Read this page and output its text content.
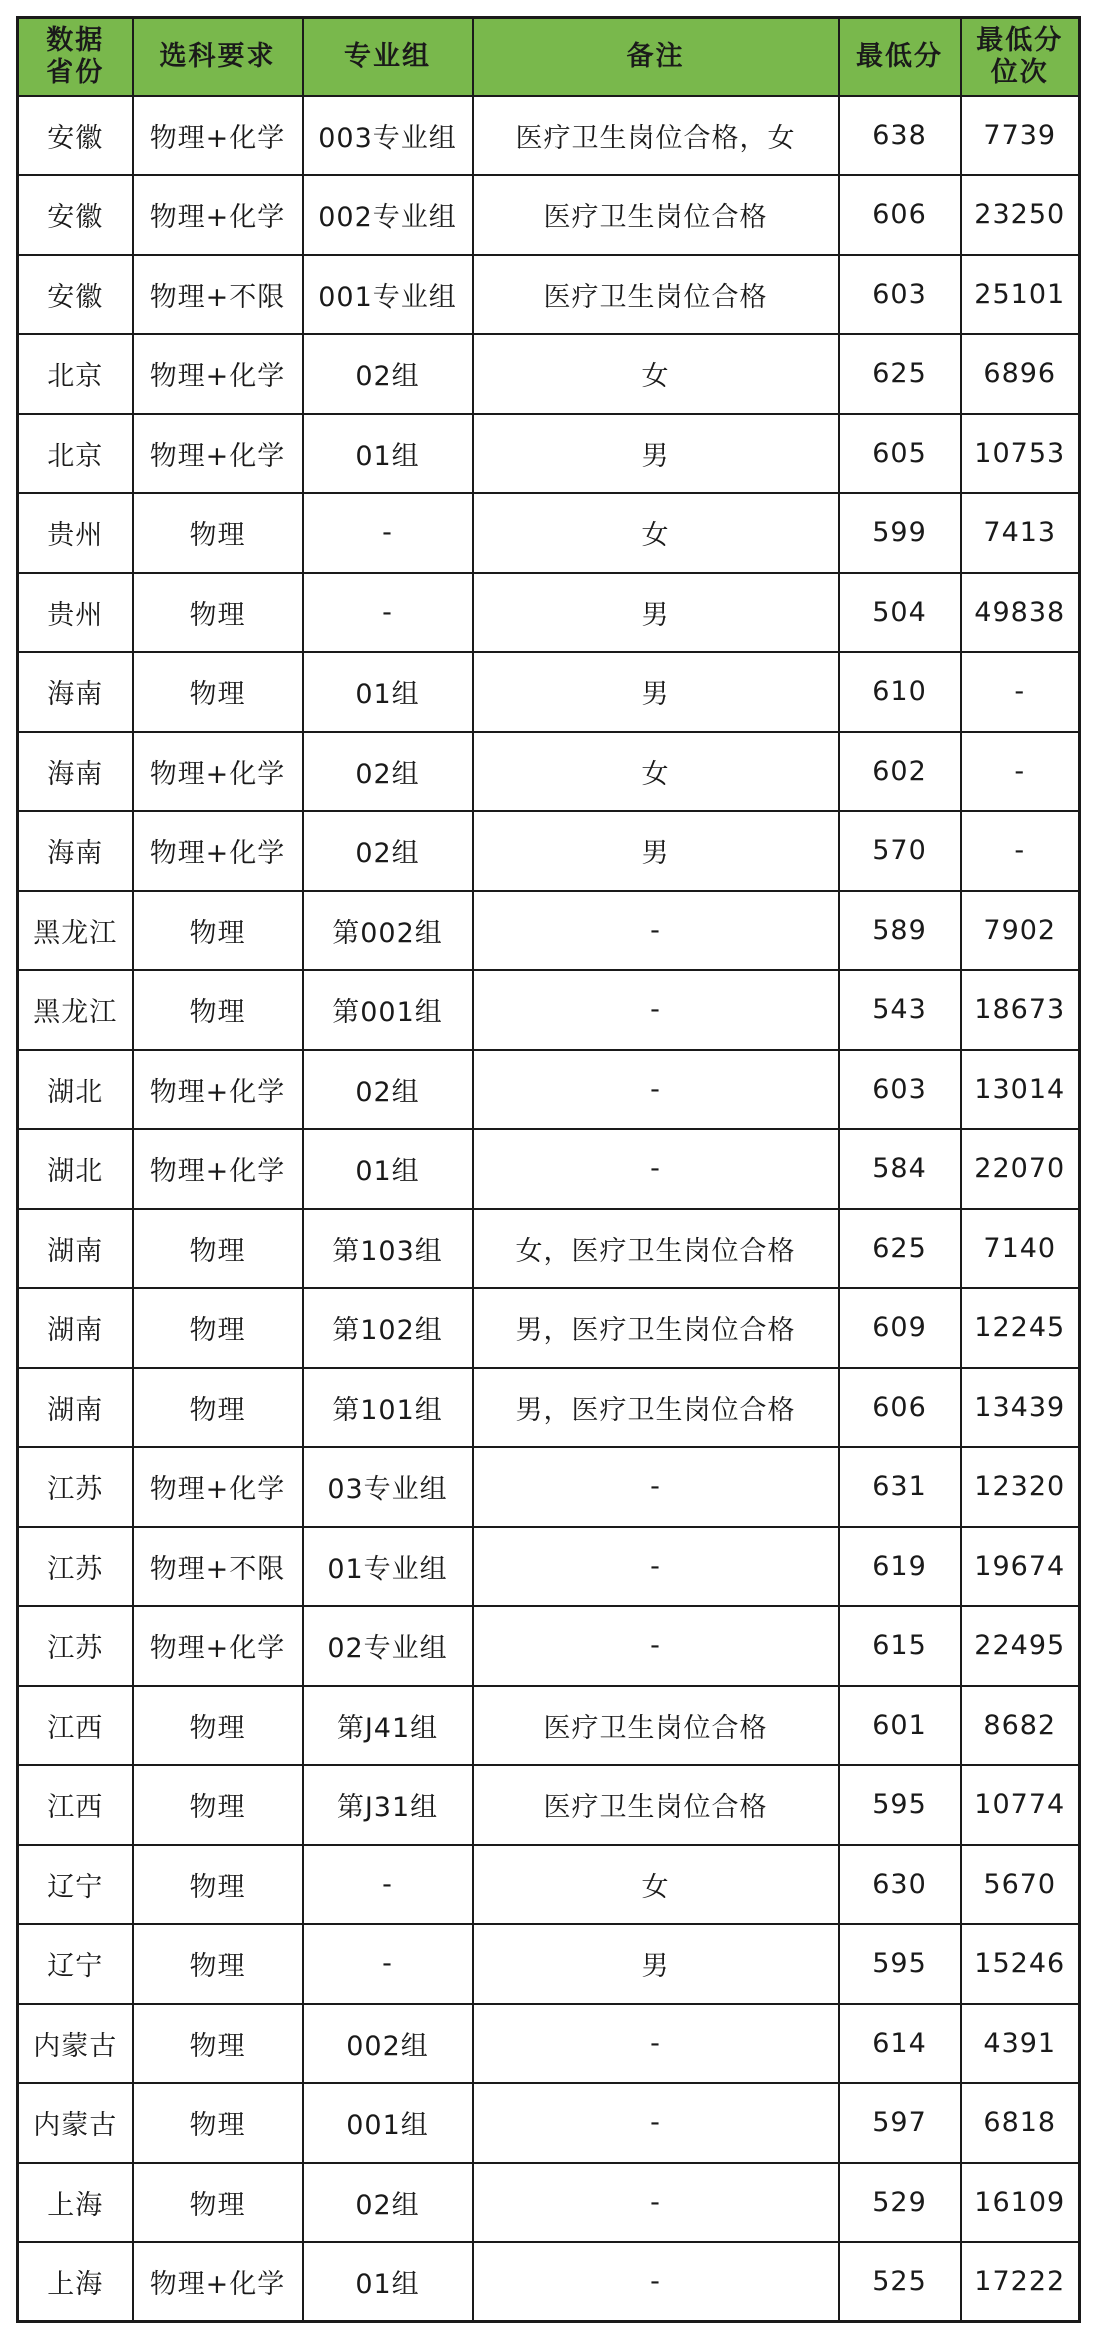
数据省份	选科要求	专业组	备注	最低分	最低分位次
安徽	物理+化学	003专业组	医疗卫生岗位合格，女	638	7739
安徽	物理+化学	002专业组	医疗卫生岗位合格	606	23250
安徽	物理+不限	001专业组	医疗卫生岗位合格	603	25101
北京	物理+化学	02组	女	625	6896
北京	物理+化学	01组	男	605	10753
贵州	物理	-	女	599	7413
贵州	物理	-	男	504	49838
海南	物理	01组	男	610	-
海南	物理+化学	02组	女	602	-
海南	物理+化学	02组	男	570	-
黑龙江	物理	第002组	-	589	7902
黑龙江	物理	第001组	-	543	18673
湖北	物理+化学	02组	-	603	13014
湖北	物理+化学	01组	-	584	22070
湖南	物理	第103组	女，医疗卫生岗位合格	625	7140
湖南	物理	第102组	男，医疗卫生岗位合格	609	12245
湖南	物理	第101组	男，医疗卫生岗位合格	606	13439
江苏	物理+化学	03专业组	-	631	12320
江苏	物理+不限	01专业组	-	619	19674
江苏	物理+化学	02专业组	-	615	22495
江西	物理	第J41组	医疗卫生岗位合格	601	8682
江西	物理	第J31组	医疗卫生岗位合格	595	10774
辽宁	物理	-	女	630	5670
辽宁	物理	-	男	595	15246
内蒙古	物理	002组	-	614	4391
内蒙古	物理	001组	-	597	6818
上海	物理	02组	-	529	16109
上海	物理+化学	01组	-	525	17222
